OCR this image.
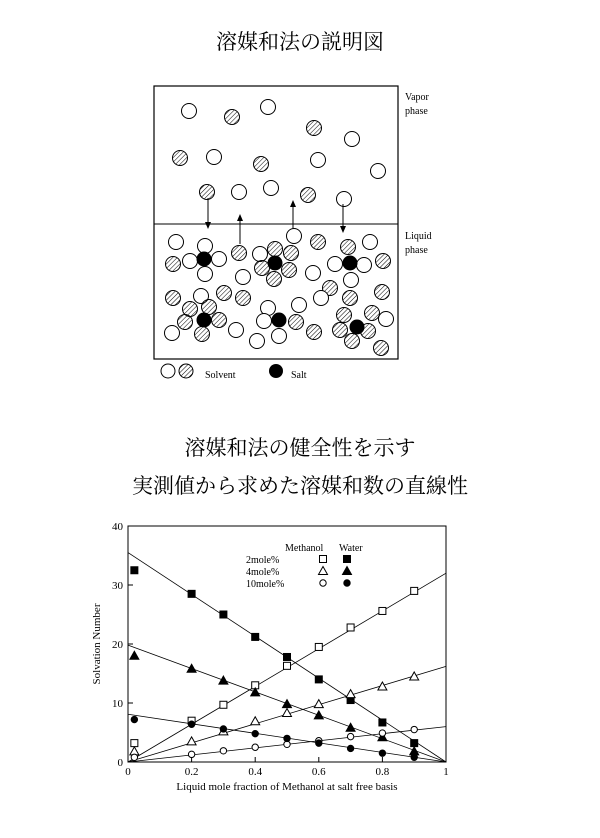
溶媒和法の説明図
Vapor
phase
Liquid
phase
Solvent	Salt
0	0.2	0.4	0.6	0.8	1
0
10
20
30
40
Liquid mole fraction of Methanol at salt free basis
Solvation Number
Methanol Water
2mole%
4mole%
10mole%
溶媒和法の健全性を示す
実測値から求めた溶媒和数の直線性
